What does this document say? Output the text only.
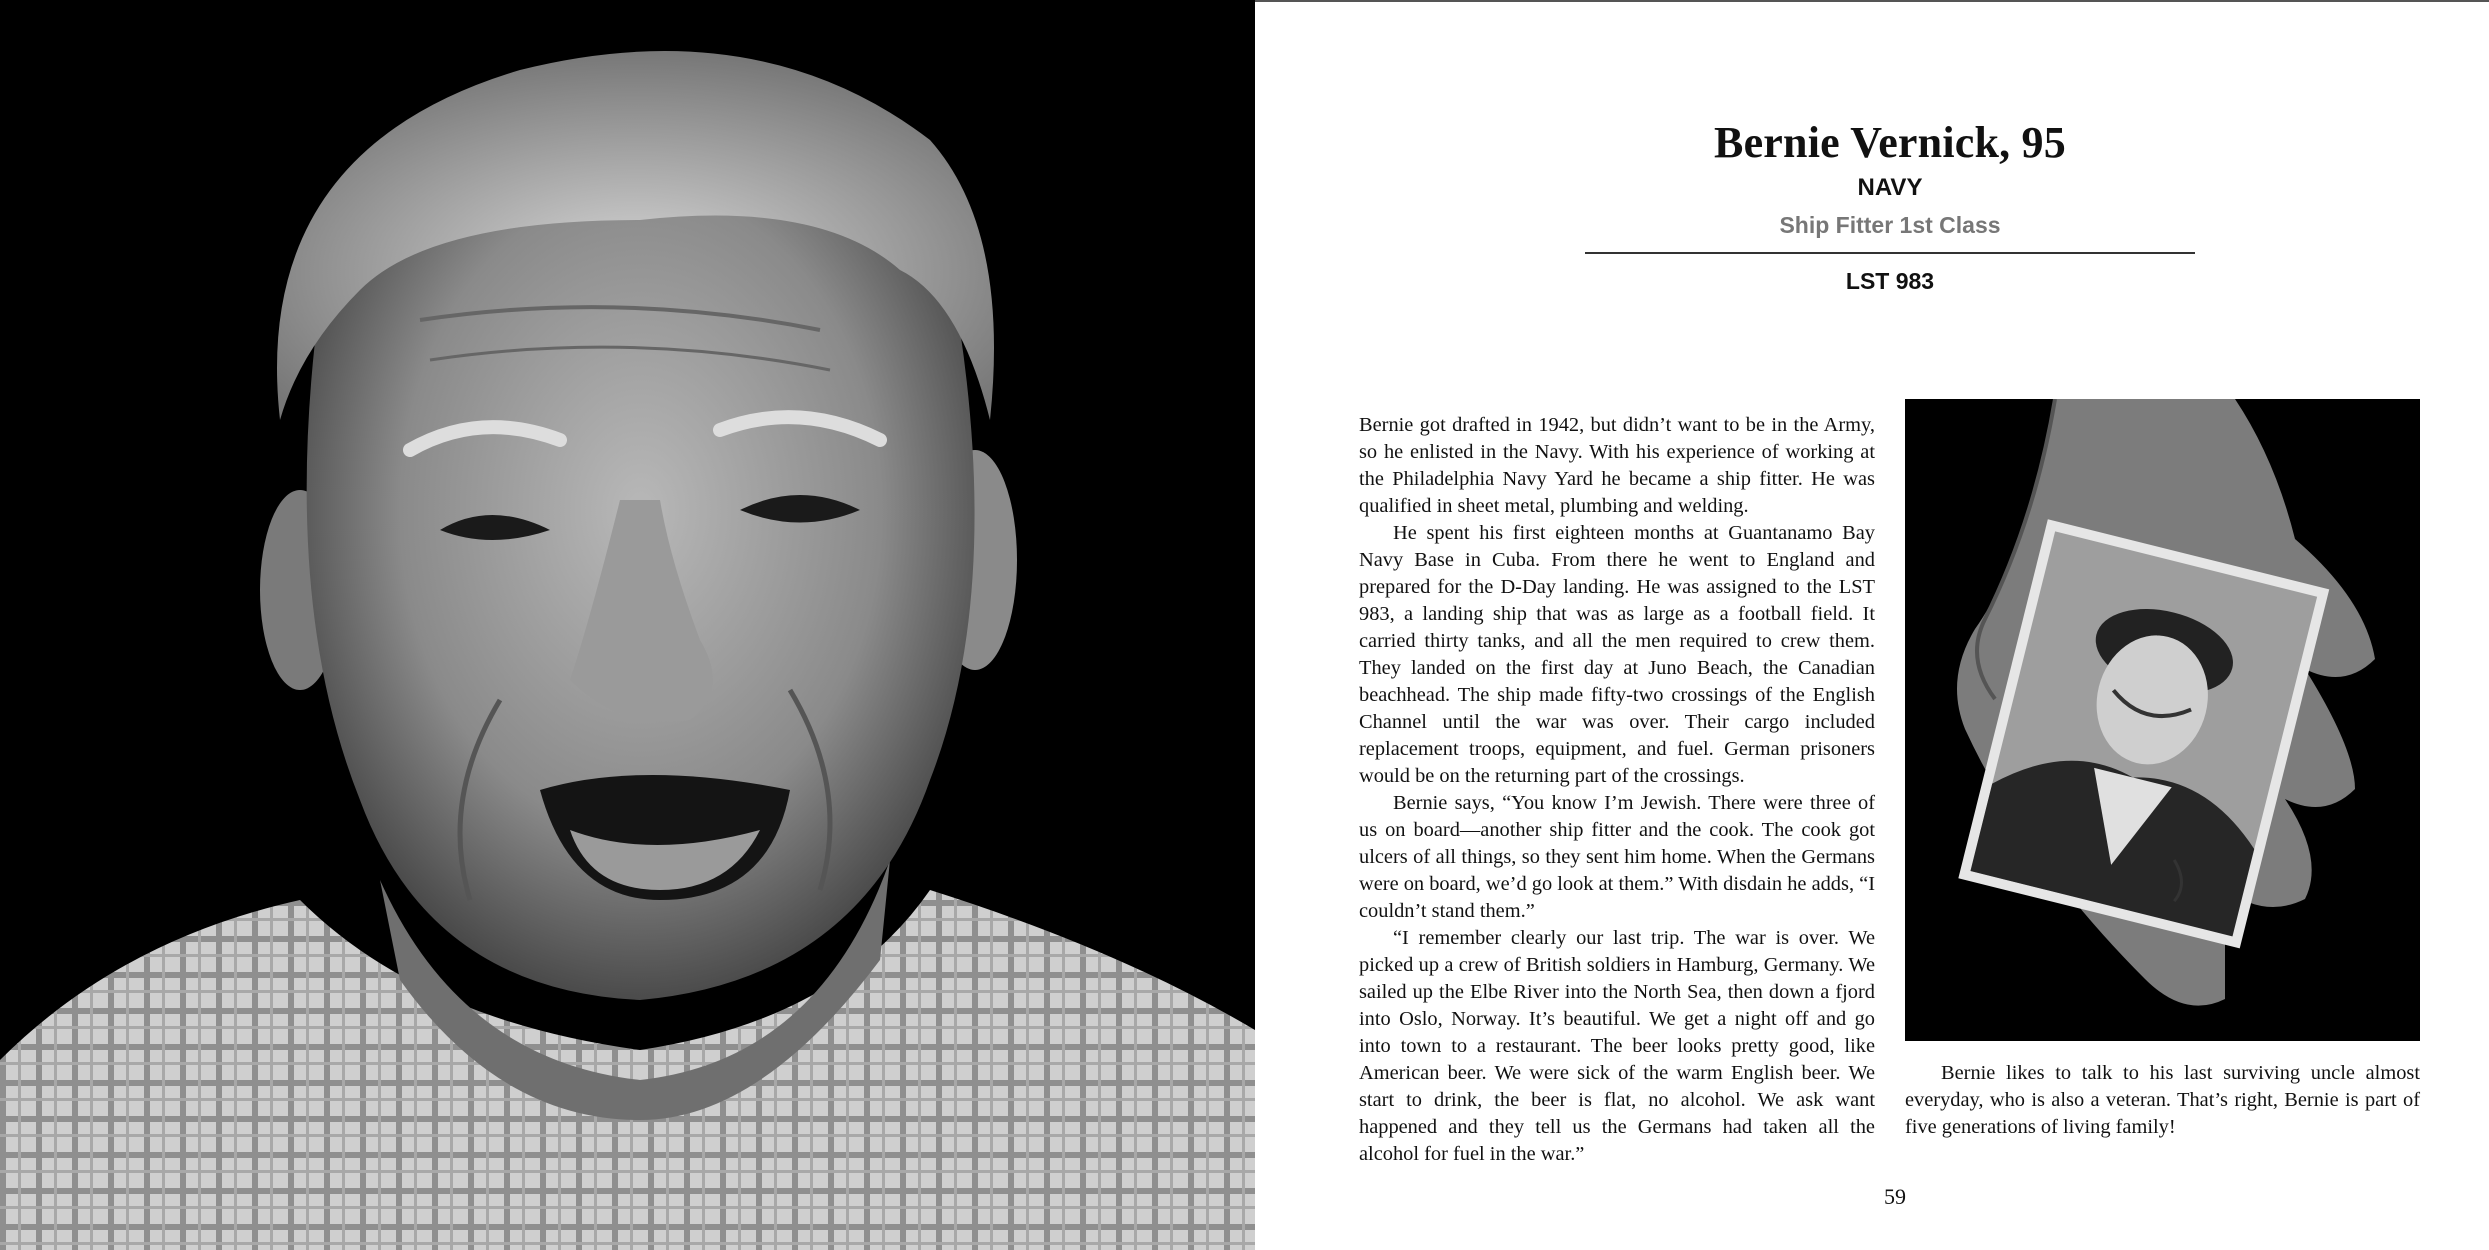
Bernie Vernick, 95
NAVY
Ship Fitter 1st Class
LST 983

Bernie got drafted in 1942, but didn’t want to be in the Army, so he enlisted in the Navy. With his experience of working at the Philadelphia Navy Yard he became a ship fitter. He was qualified in sheet metal, plumbing and welding.

He spent his first eighteen months at Guantanamo Bay Navy Base in Cuba. From there he went to England and prepared for the D-Day landing. He was assigned to the LST 983, a landing ship that was as large as a football field. It carried thirty tanks, and all the men required to crew them. They landed on the first day at Juno Beach, the Canadian beachhead. The ship made fifty-two crossings of the English Channel until the war was over. Their cargo included replacement troops, equipment, and fuel. German prisoners would be on the returning part of the crossings.

Bernie says, “You know I’m Jewish. There were three of us on board—another ship fitter and the cook. The cook got ulcers of all things, so they sent him home. When the Germans were on board, we’d go look at them.” With disdain he adds, “I couldn’t stand them.”

“I remember clearly our last trip. The war is over. We picked up a crew of British soldiers in Hamburg, Germany. We sailed up the Elbe River into the North Sea, then down a fjord into Oslo, Norway. It’s beautiful. We get a night off and go into town to a restaurant. The beer looks pretty good, like American beer. We were sick of the warm English beer. We start to drink, the beer is flat, no alcohol. We ask want happened and they tell us the Germans had taken all the alcohol for fuel in the war.”

Bernie likes to talk to his last surviving uncle almost everyday, who is also a veteran. That’s right, Bernie is part of five generations of living family!
59
